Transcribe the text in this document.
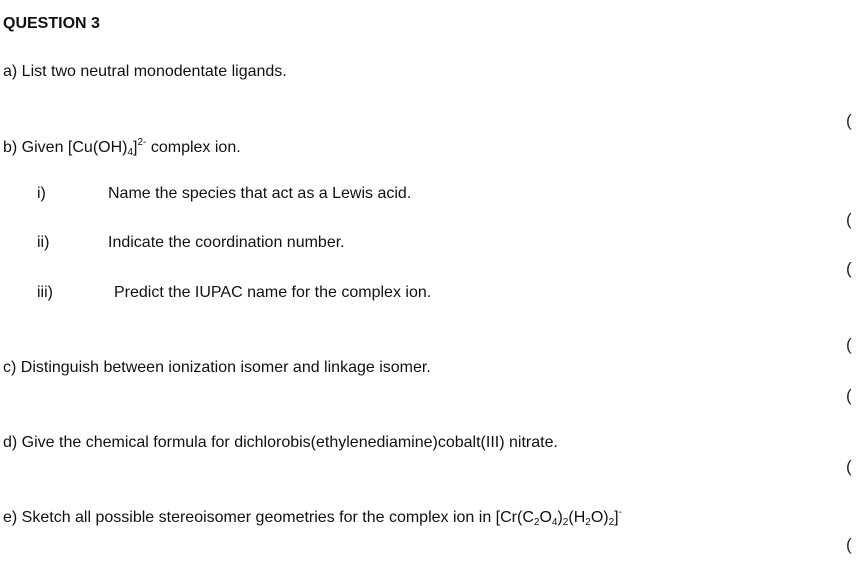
QUESTION 3
a) List two neutral monodentate ligands.
b) Given $[Cu(OH)_4]^{2-}$ complex ion.
i)	Name the species that act as a Lewis acid.
ii)	Indicate the coordination number.
iii)	Predict the IUPAC name for the complex ion.
c) Distinguish between ionization isomer and linkage isomer.
d) Give the chemical formula for dichlorobis(ethylenediamine)cobalt(III) nitrate.
e) Sketch all possible stereoisomer geometries for the complex ion in $[Cr(C_2O_4)_2(H_2O)_2]^-$
(
(
(
(
(
(
(
